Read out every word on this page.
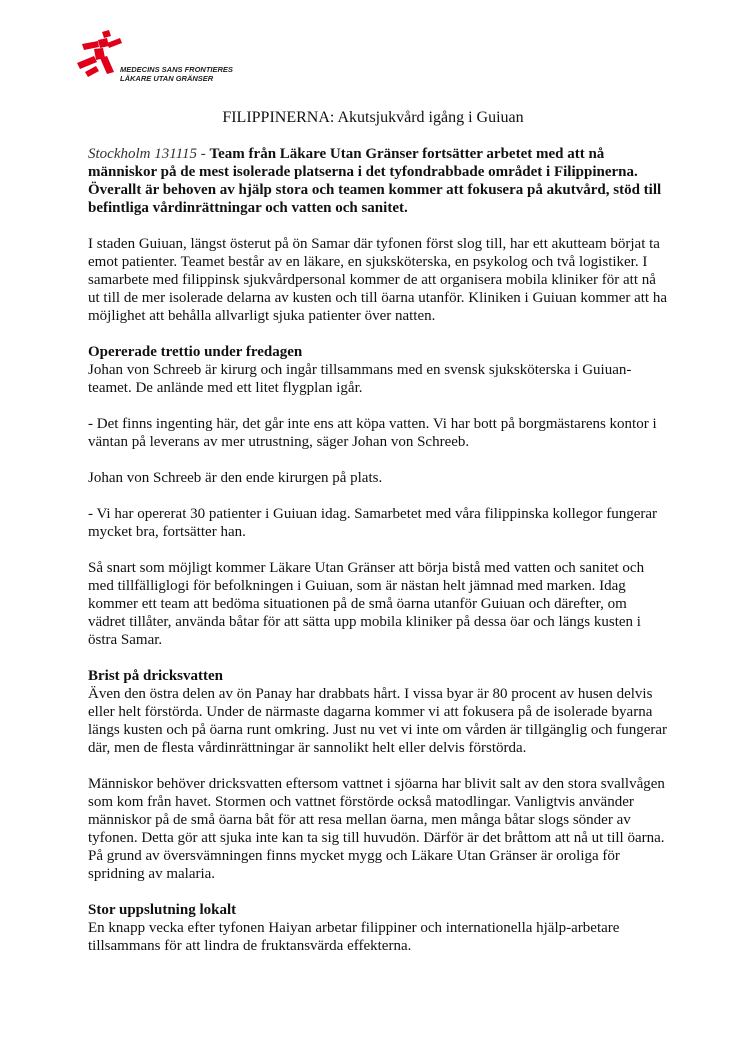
MEDECINS SANS FRONTIERES
LÄKARE UTAN GRÄNSER
FILIPPINERNA: Akutsjukvård igång i Guiuan

Stockholm 131115 - Team från Läkare Utan Gränser fortsätter arbetet med att nå människor på de mest isolerade platserna i det tyfondrabbade området i Filippinerna. Överallt är behoven av hjälp stora och teamen kommer att fokusera på akutvård, stöd till befintliga vårdinrättningar och vatten och sanitet.

I staden Guiuan, längst österut på ön Samar där tyfonen först slog till, har ett akutteam börjat ta emot patienter. Teamet består av en läkare, en sjuksköterska, en psykolog och två logistiker. I samarbete med filippinsk sjukvårdpersonal kommer de att organisera mobila kliniker för att nå ut till de mer isolerade delarna av kusten och till öarna utanför. Kliniken i Guiuan kommer att ha möjlighet att behålla allvarligt sjuka patienter över natten.

Opererade trettio under fredagen

Johan von Schreeb är kirurg och ingår tillsammans med en svensk sjuksköterska i Guiuan-teamet. De anlände med ett litet flygplan igår.

- Det finns ingenting här, det går inte ens att köpa vatten. Vi har bott på borgmästarens kontor i väntan på leverans av mer utrustning, säger Johan von Schreeb.

Johan von Schreeb är den ende kirurgen på plats.

- Vi har opererat 30 patienter i Guiuan idag. Samarbetet med våra filippinska kollegor fungerar mycket bra, fortsätter han.

Så snart som möjligt kommer Läkare Utan Gränser att börja bistå med vatten och sanitet och med tillfälliglogi för befolkningen i Guiuan, som är nästan helt jämnad med marken. Idag kommer ett team att bedöma situationen på de små öarna utanför Guiuan och därefter, om vädret tillåter, använda båtar för att sätta upp mobila kliniker på dessa öar och längs kusten i östra Samar.

Brist på dricksvatten

Även den östra delen av ön Panay har drabbats hårt. I vissa byar är 80 procent av husen delvis eller helt förstörda. Under de närmaste dagarna kommer vi att fokusera på de isolerade byarna längs kusten och på öarna runt omkring. Just nu vet vi inte om vården är tillgänglig och fungerar där, men de flesta vårdinrättningar är sannolikt helt eller delvis förstörda.

Människor behöver dricksvatten eftersom vattnet i sjöarna har blivit salt av den stora svallvågen som kom från havet. Stormen och vattnet förstörde också matodlingar. Vanligtvis använder människor på de små öarna båt för att resa mellan öarna, men många båtar slogs sönder av tyfonen. Detta gör att sjuka inte kan ta sig till huvudön. Därför är det bråttom att nå ut till öarna. På grund av översvämningen finns mycket mygg och Läkare Utan Gränser är oroliga för spridning av malaria.

Stor uppslutning lokalt

En knapp vecka efter tyfonen Haiyan arbetar filippiner och internationella hjälp-arbetare tillsammans för att lindra de fruktansvärda effekterna.
